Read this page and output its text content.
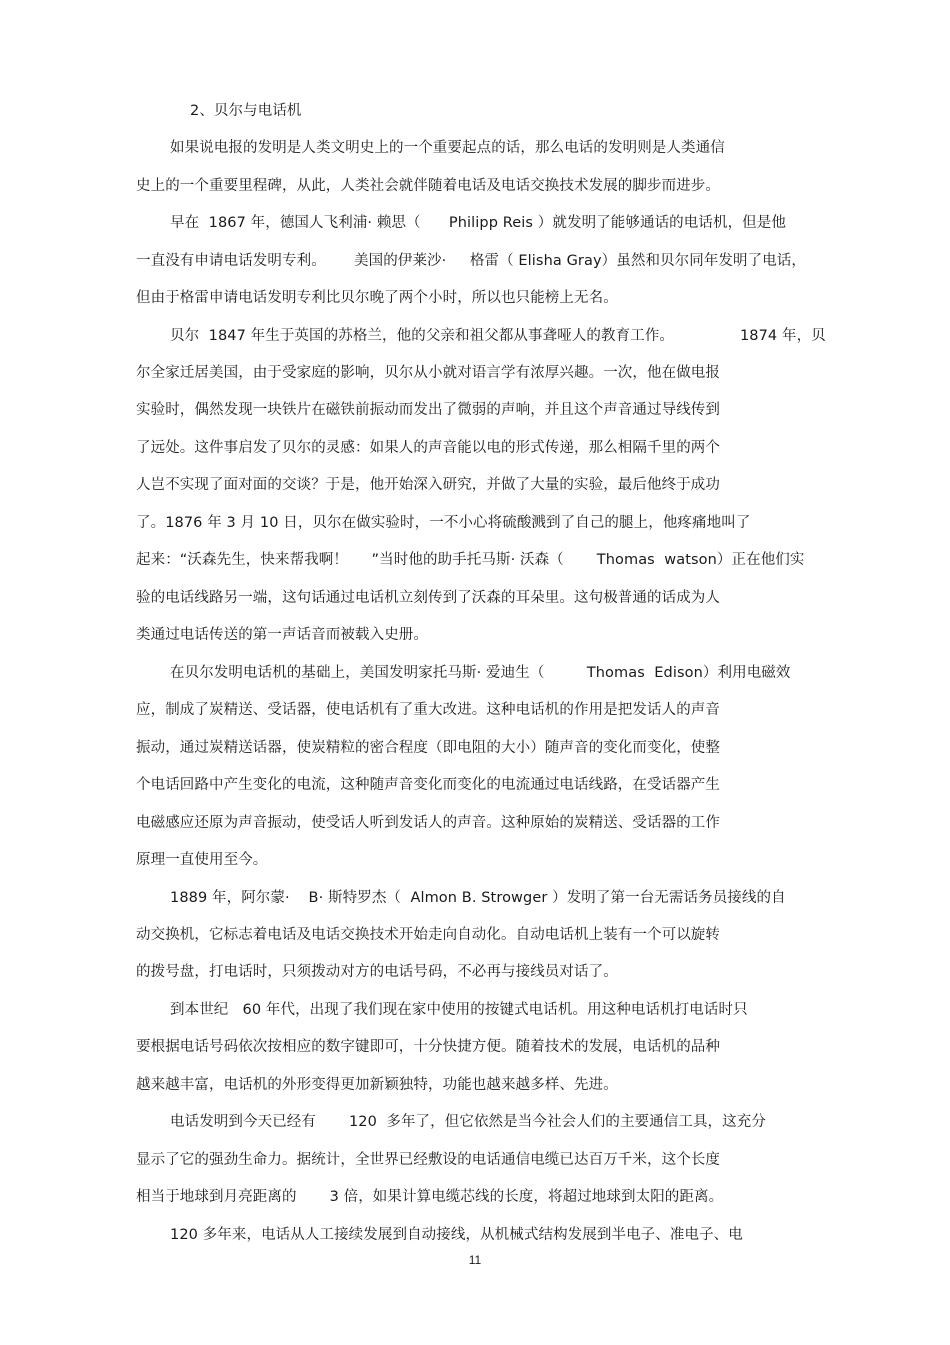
2、贝尔与电话机
如果说电报的发明是人类文明史上的一个重要起点的话，那么电话的发明则是人类通信
史上的一个重要里程碑，从此，人类社会就伴随着电话及电话交换技术发展的脚步而进步。
早在  1867 年，德国人飞利浦· 赖思（      Philipp Reis ）就发明了能够通话的电话机，但是他
一直没有申请电话发明专利。      美国的伊莱沙·     格雷（ Elisha Gray）虽然和贝尔同年发明了电话，
但由于格雷申请电话发明专利比贝尔晚了两个小时，所以也只能榜上无名。
贝尔  1847 年生于英国的苏格兰，他的父亲和祖父都从事聋哑人的教育工作。              1874 年，贝
尔全家迁居美国，由于受家庭的影响，贝尔从小就对语言学有浓厚兴趣。一次，他在做电报
实验时，偶然发现一块铁片在磁铁前振动而发出了微弱的声响，并且这个声音通过导线传到
了远处。这件事启发了贝尔的灵感：如果人的声音能以电的形式传递，那么相隔千里的两个
人岂不实现了面对面的交谈？于是，他开始深入研究，并做了大量的实验，最后他终于成功
了。1876 年 3 月 10 日，贝尔在做实验时，一不小心将硫酸溅到了自己的腿上，他疼痛地叫了
起来：“沃森先生，快来帮我啊！     ”当时他的助手托马斯· 沃森（       Thomas  watson）正在他们实
验的电话线路另一端，这句话通过电话机立刻传到了沃森的耳朵里。这句极普通的话成为人
类通过电话传送的第一声话音而被载入史册。
在贝尔发明电话机的基础上，美国发明家托马斯· 爱迪生（         Thomas  Edison）利用电磁效
应，制成了炭精送、受话器，使电话机有了重大改进。这种电话机的作用是把发话人的声音
振动，通过炭精送话器，使炭精粒的密合程度（即电阻的大小）随声音的变化而变化，使整
个电话回路中产生变化的电流，这种随声音变化而变化的电流通过电话线路，在受话器产生
电磁感应还原为声音振动，使受话人听到发话人的声音。这种原始的炭精送、受话器的工作
原理一直使用至今。
1889 年，阿尔蒙·    B· 斯特罗杰（  Almon B. Strowger ）发明了第一台无需话务员接线的自
动交换机，它标志着电话及电话交换技术开始走向自动化。自动电话机上装有一个可以旋转
的拨号盘，打电话时，只须拨动对方的电话号码，不必再与接线员对话了。
到本世纪   60 年代，出现了我们现在家中使用的按键式电话机。用这种电话机打电话时只
要根据电话号码依次按相应的数字键即可，十分快捷方便。随着技术的发展，电话机的品种
越来越丰富，电话机的外形变得更加新颖独特，功能也越来越多样、先进。
电话发明到今天已经有       120  多年了，但它依然是当今社会人们的主要通信工具，这充分
显示了它的强劲生命力。据统计，全世界已经敷设的电话通信电缆已达百万千米，这个长度
相当于地球到月亮距离的       3 倍，如果计算电缆芯线的长度，将超过地球到太阳的距离。
120 多年来，电话从人工接续发展到自动接线，从机械式结构发展到半电子、准电子、电
11
